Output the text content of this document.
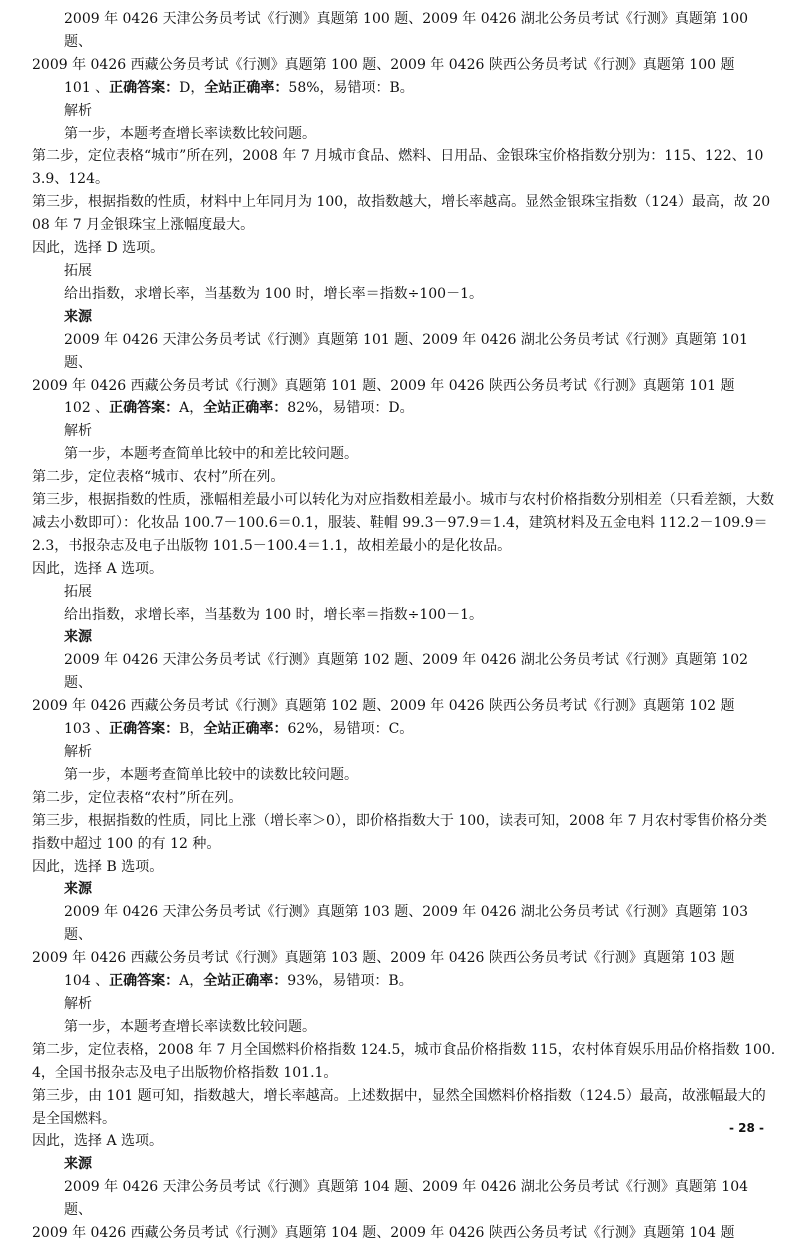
2009 年 0426 天津公务员考试《行测》真题第 100 题、2009 年 0426 湖北公务员考试《行测》真题第 100 题、
2009 年 0426 西藏公务员考试《行测》真题第 100 题、2009 年 0426 陕西公务员考试《行测》真题第 100 题
101 、正确答案：D，全站正确率：58%，易错项：B。
解析
第一步，本题考查增长率读数比较问题。
第二步，定位表格“城市”所在列，2008 年 7 月城市食品、燃料、日用品、金银珠宝价格指数分别为：115、122、103.9、124。
第三步，根据指数的性质，材料中上年同月为 100，故指数越大，增长率越高。显然金银珠宝指数（124）最高，故 2008 年 7 月金银珠宝上涨幅度最大。
因此，选择 D 选项。
拓展
给出指数，求增长率，当基数为 100 时，增长率＝指数÷100－1。
来源
2009 年 0426 天津公务员考试《行测》真题第 101 题、2009 年 0426 湖北公务员考试《行测》真题第 101 题、
2009 年 0426 西藏公务员考试《行测》真题第 101 题、2009 年 0426 陕西公务员考试《行测》真题第 101 题
102 、正确答案：A，全站正确率：82%，易错项：D。
解析
第一步，本题考查简单比较中的和差比较问题。
第二步，定位表格“城市、农村”所在列。
第三步，根据指数的性质，涨幅相差最小可以转化为对应指数相差最小。城市与农村价格指数分别相差（只看差额，大数减去小数即可）：化妆品 100.7－100.6＝0.1，服装、鞋帽 99.3－97.9＝1.4，建筑材料及五金电料 112.2－109.9＝2.3，书报杂志及电子出版物 101.5－100.4＝1.1，故相差最小的是化妆品。
因此，选择 A 选项。
拓展
给出指数，求增长率，当基数为 100 时，增长率＝指数÷100－1。
来源
2009 年 0426 天津公务员考试《行测》真题第 102 题、2009 年 0426 湖北公务员考试《行测》真题第 102 题、
2009 年 0426 西藏公务员考试《行测》真题第 102 题、2009 年 0426 陕西公务员考试《行测》真题第 102 题
103 、正确答案：B，全站正确率：62%，易错项：C。
解析
第一步，本题考查简单比较中的读数比较问题。
第二步，定位表格“农村”所在列。
第三步，根据指数的性质，同比上涨（增长率＞0），即价格指数大于 100，读表可知，2008 年 7 月农村零售价格分类指数中超过 100 的有 12 种。
因此，选择 B 选项。
来源
2009 年 0426 天津公务员考试《行测》真题第 103 题、2009 年 0426 湖北公务员考试《行测》真题第 103 题、
2009 年 0426 西藏公务员考试《行测》真题第 103 题、2009 年 0426 陕西公务员考试《行测》真题第 103 题
104 、正确答案：A，全站正确率：93%，易错项：B。
解析
第一步，本题考查增长率读数比较问题。
第二步，定位表格，2008 年 7 月全国燃料价格指数 124.5，城市食品价格指数 115，农村体育娱乐用品价格指数 100.4，全国书报杂志及电子出版物价格指数 101.1。
第三步，由 101 题可知，指数越大，增长率越高。上述数据中，显然全国燃料价格指数（124.5）最高，故涨幅最大的是全国燃料。
因此，选择 A 选项。
来源
2009 年 0426 天津公务员考试《行测》真题第 104 题、2009 年 0426 湖北公务员考试《行测》真题第 104 题、
2009 年 0426 西藏公务员考试《行测》真题第 104 题、2009 年 0426 陕西公务员考试《行测》真题第 104 题
- 28 -
